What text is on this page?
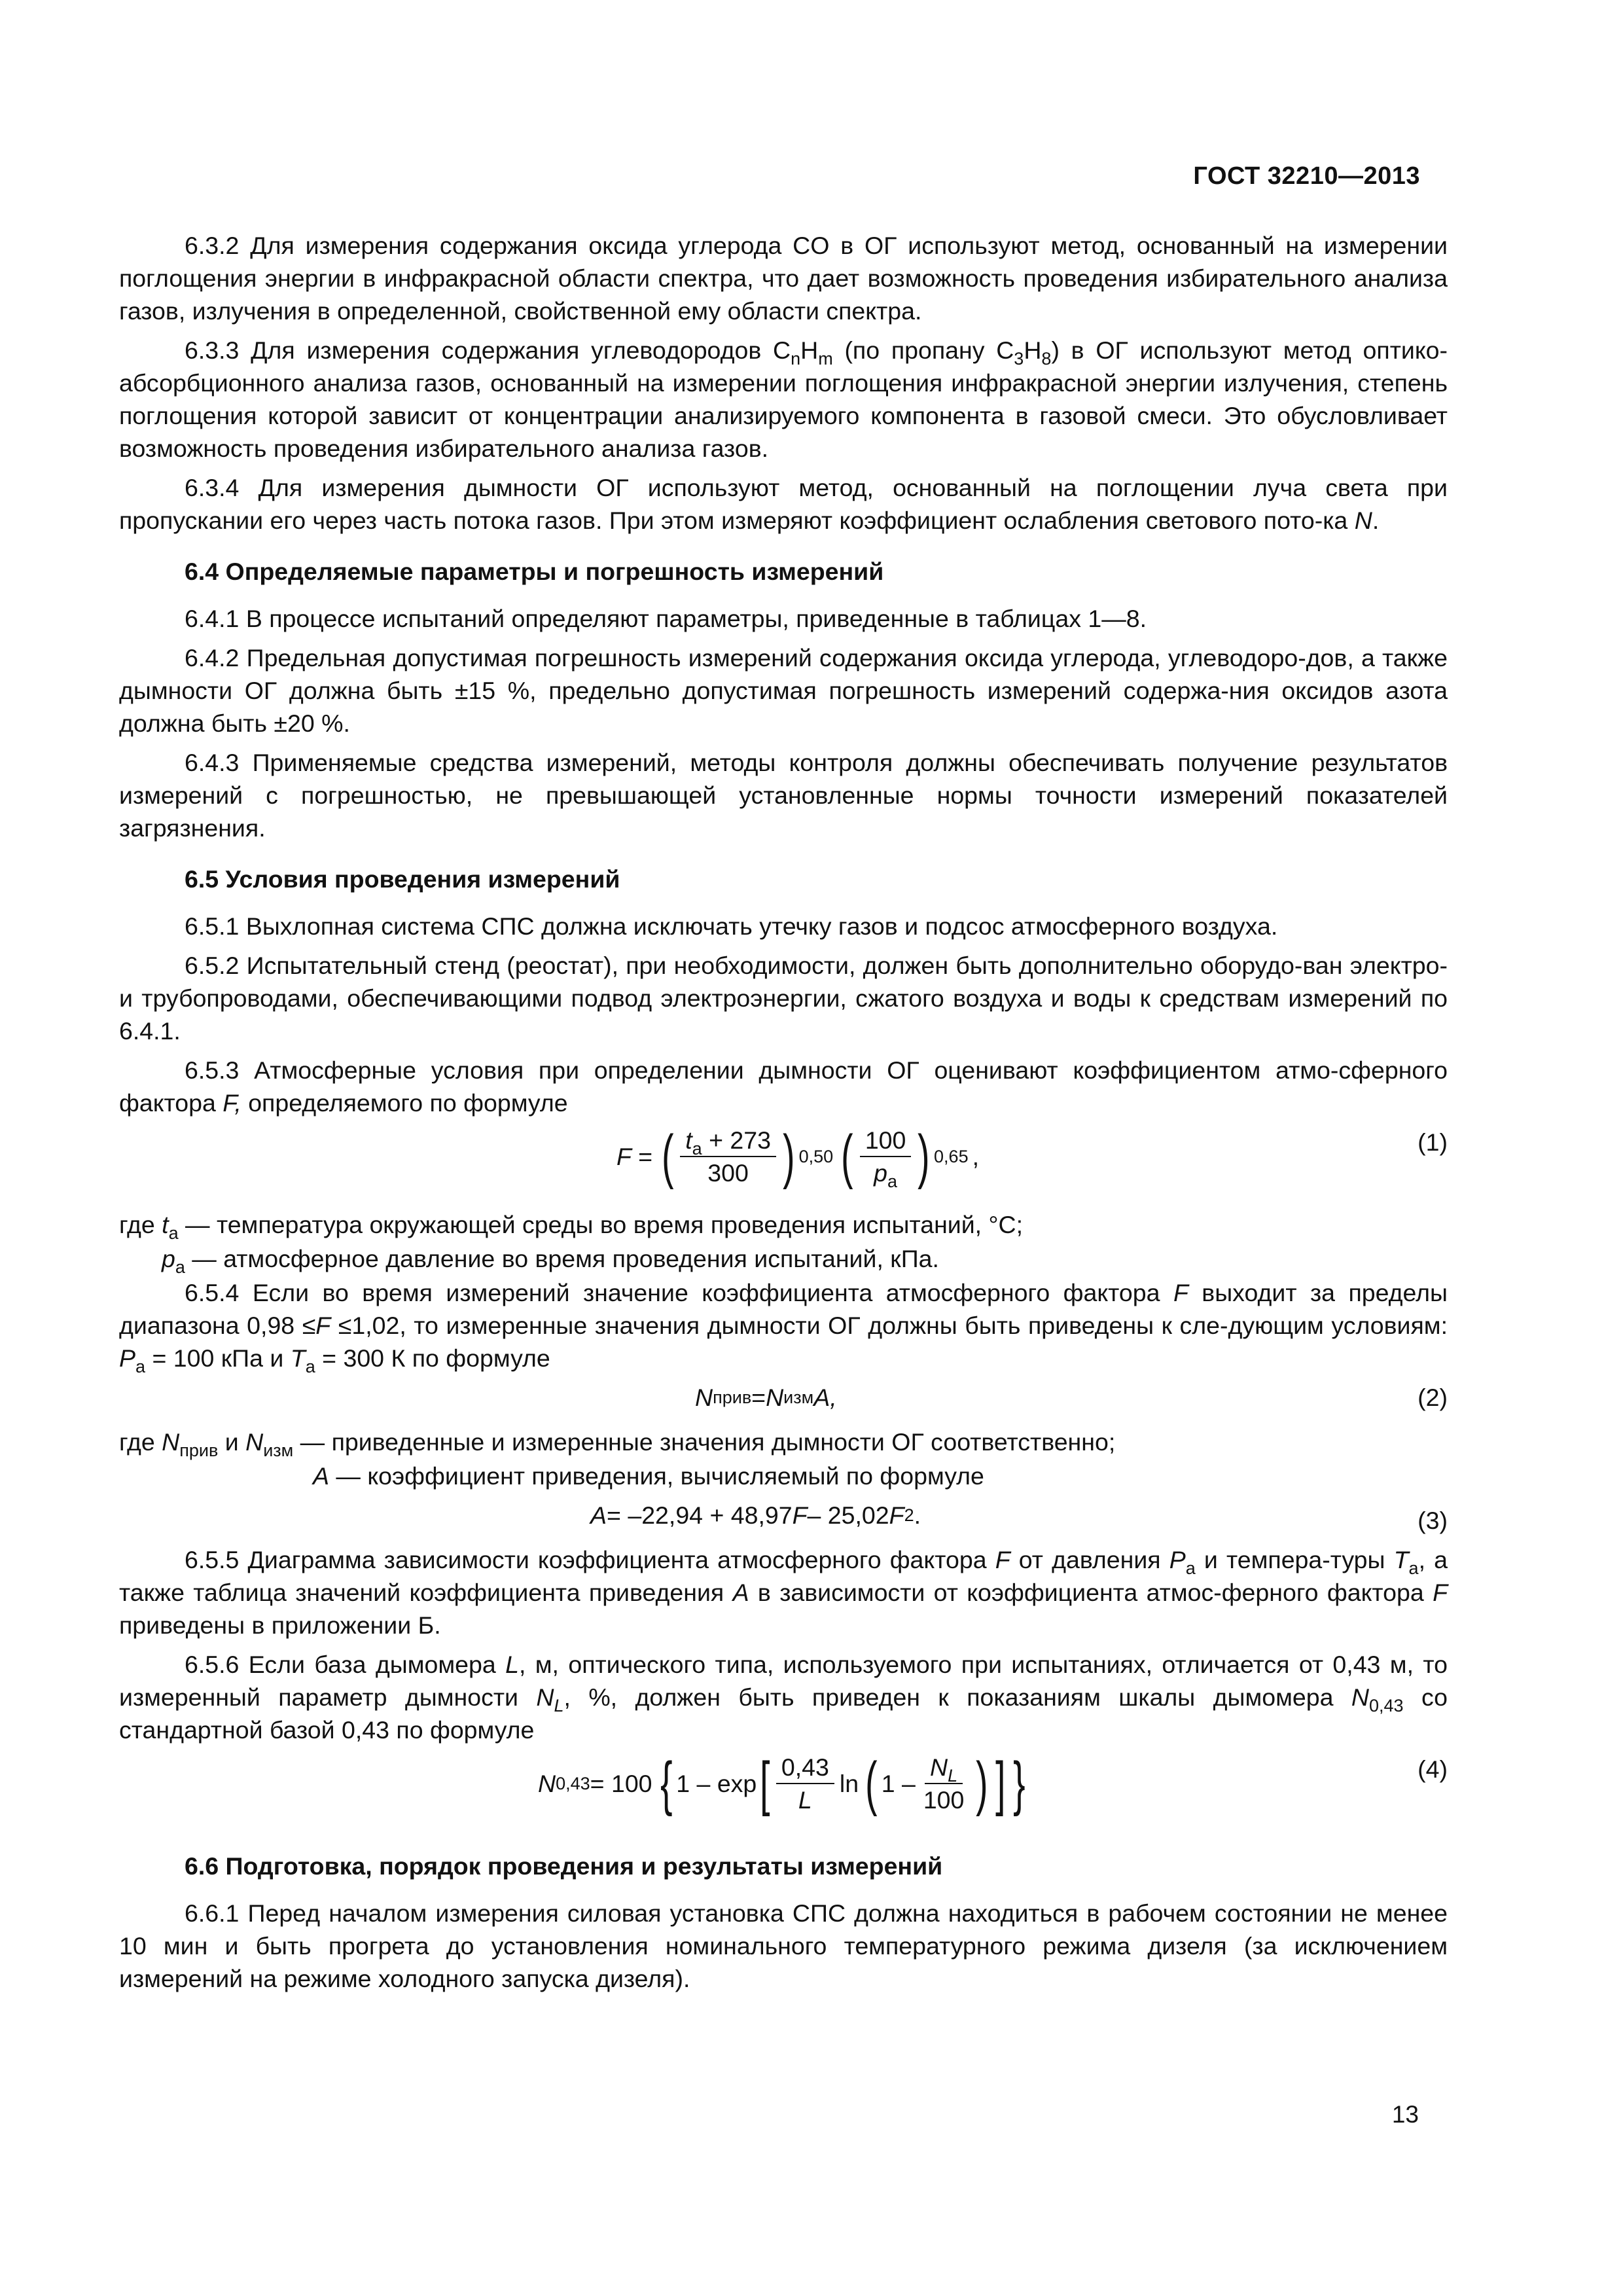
ГОСТ 32210—2013

6.3.2 Для измерения содержания оксида углерода CO в ОГ используют метод, основанный на измерении поглощения энергии в инфракрасной области спектра, что дает возможность проведения избирательного анализа газов, излучения в определенной, свойственной ему области спектра.

6.3.3 Для измерения содержания углеводородов $C_nH_m$ (по пропану $C_3H_8$) в ОГ используют метод оптико-абсорбционного анализа газов, основанный на измерении поглощения инфракрасной энергии излучения, степень поглощения которой зависит от концентрации анализируемого компонента в газовой смеси. Это обусловливает возможность проведения избирательного анализа газов.

6.3.4 Для измерения дымности ОГ используют метод, основанный на поглощении луча света при пропускании его через часть потока газов. При этом измеряют коэффициент ослабления светового пото-ка N.

6.4 Определяемые параметры и погрешность измерений

6.4.1 В процессе испытаний определяют параметры, приведенные в таблицах 1—8.

6.4.2 Предельная допустимая погрешность измерений содержания оксида углерода, углеводоро-дов, а также дымности ОГ должна быть ±15 %, предельно допустимая погрешность измерений содержа-ния оксидов азота должна быть ±20 %.

6.4.3 Применяемые средства измерений, методы контроля должны обеспечивать получение результатов измерений с погрешностью, не превышающей установленные нормы точности измерений показателей загрязнения.

6.5 Условия проведения измерений

6.5.1 Выхлопная система СПС должна исключать утечку газов и подсос атмосферного воздуха.

6.5.2 Испытательный стенд (реостат), при необходимости, должен быть дополнительно оборудо-ван электро- и трубопроводами, обеспечивающими подвод электроэнергии, сжатого воздуха и воды к средствам измерений по 6.4.1.

6.5.3 Атмосферные условия при определении дымности ОГ оценивают коэффициентом атмо-сферного фактора F, определяемого по формуле

F = ( $\frac{t_a + 273}{300}$ ) 0,50 ( $\frac{100}{p_a}$ ) 0,65 ,
(1)
где $t_a$ — температура окружающей среды во время проведения испытаний, °С;
$p_a$ — атмосферное давление во время проведения испытаний, кПа.

6.5.4 Если во время измерений значение коэффициента атмосферного фактора F выходит за пределы диапазона 0,98 ≤F ≤1,02, то измеренные значения дымности ОГ должны быть приведены к сле-дующим условиям: $P_a = 100$ кПа и $T_a = 300$ К по формуле

N прив = N изм A,	(2)
где $N_{прив}$ и $N_{изм}$ — приведенные и измеренные значения дымности ОГ соответственно;
A — коэффициент приведения, вычисляемый по формуле
A = –22,94 + 48,97 F – 25,02 F 2 .	(3)

6.5.5 Диаграмма зависимости коэффициента атмосферного фактора F от давления $P_a$ и темпера-туры $T_a$, а также таблица значений коэффициента приведения A в зависимости от коэффициента атмос-ферного фактора F приведены в приложении Б.

6.5.6 Если база дымомера L, м, оптического типа, используемого при испытаниях, отличается от 0,43 м, то измеренный параметр дымности $N_L$, %, должен быть приведен к показаниям шкалы дымомера $N_{0,43}$ со стандартной базой 0,43 по формуле

N 0,43 = 100 { 1 – exp [ $\frac{0,43}{L}$ ln ( $1 - \frac{N_L}{100}$ ) ] }	(4)
6.6 Подготовка, порядок проведения и результаты измерений

6.6.1 Перед началом измерения силовая установка СПС должна находиться в рабочем состоянии не менее 10 мин и быть прогрета до установления номинального температурного режима дизеля (за исключением измерений на режиме холодного запуска дизеля).

13
